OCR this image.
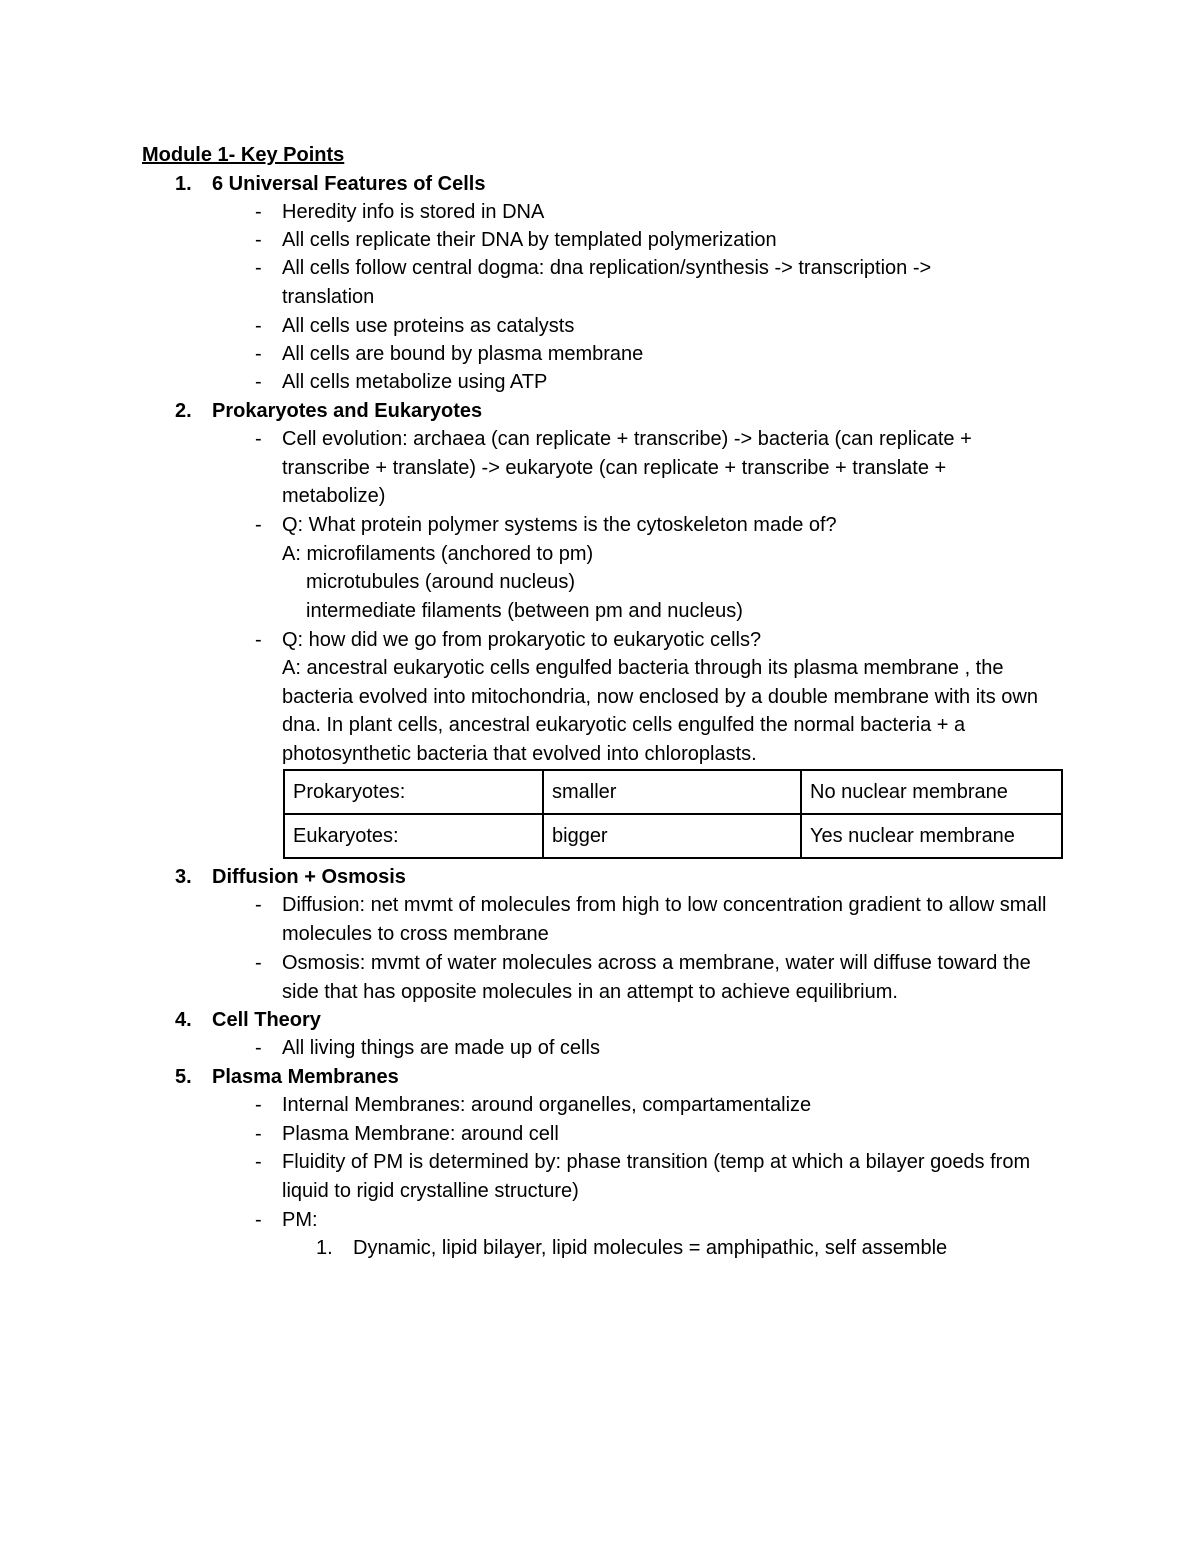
Module 1- Key Points
1. 6 Universal Features of Cells
- Heredity info is stored in DNA
- All cells replicate their DNA by templated polymerization
- All cells follow central dogma: dna replication/synthesis -> transcription -> translation
- All cells use proteins as catalysts
- All cells are bound by plasma membrane
- All cells metabolize using ATP
2. Prokaryotes and Eukaryotes
- Cell evolution: archaea (can replicate + transcribe) -> bacteria (can replicate + transcribe + translate) -> eukaryote (can replicate + transcribe + translate + metabolize)
- Q: What protein polymer systems is the cytoskeleton made of?
A: microfilaments (anchored to pm)
microtubules (around nucleus)
intermediate filaments (between pm and nucleus)
- Q: how did we go from prokaryotic to eukaryotic cells?
A: ancestral eukaryotic cells engulfed bacteria through its plasma membrane , the bacteria evolved into mitochondria, now enclosed by a double membrane with its own dna. In plant cells, ancestral eukaryotic cells engulfed the normal bacteria + a photosynthetic bacteria that evolved into chloroplasts.
Prokaryotes:	smaller	No nuclear membrane
Eukaryotes:	bigger	Yes nuclear membrane
3. Diffusion + Osmosis
- Diffusion: net mvmt of molecules from high to low concentration gradient to allow small molecules to cross membrane
- Osmosis: mvmt of water molecules across a membrane, water will diffuse toward the side that has opposite molecules in an attempt to achieve equilibrium.
4. Cell Theory
- All living things are made up of cells
5. Plasma Membranes
- Internal Membranes: around organelles, compartamentalize
- Plasma Membrane: around cell
- Fluidity of PM is determined by: phase transition (temp at which a bilayer goeds from liquid to rigid crystalline structure)
- PM:
1. Dynamic, lipid bilayer, lipid molecules = amphipathic, self assemble
